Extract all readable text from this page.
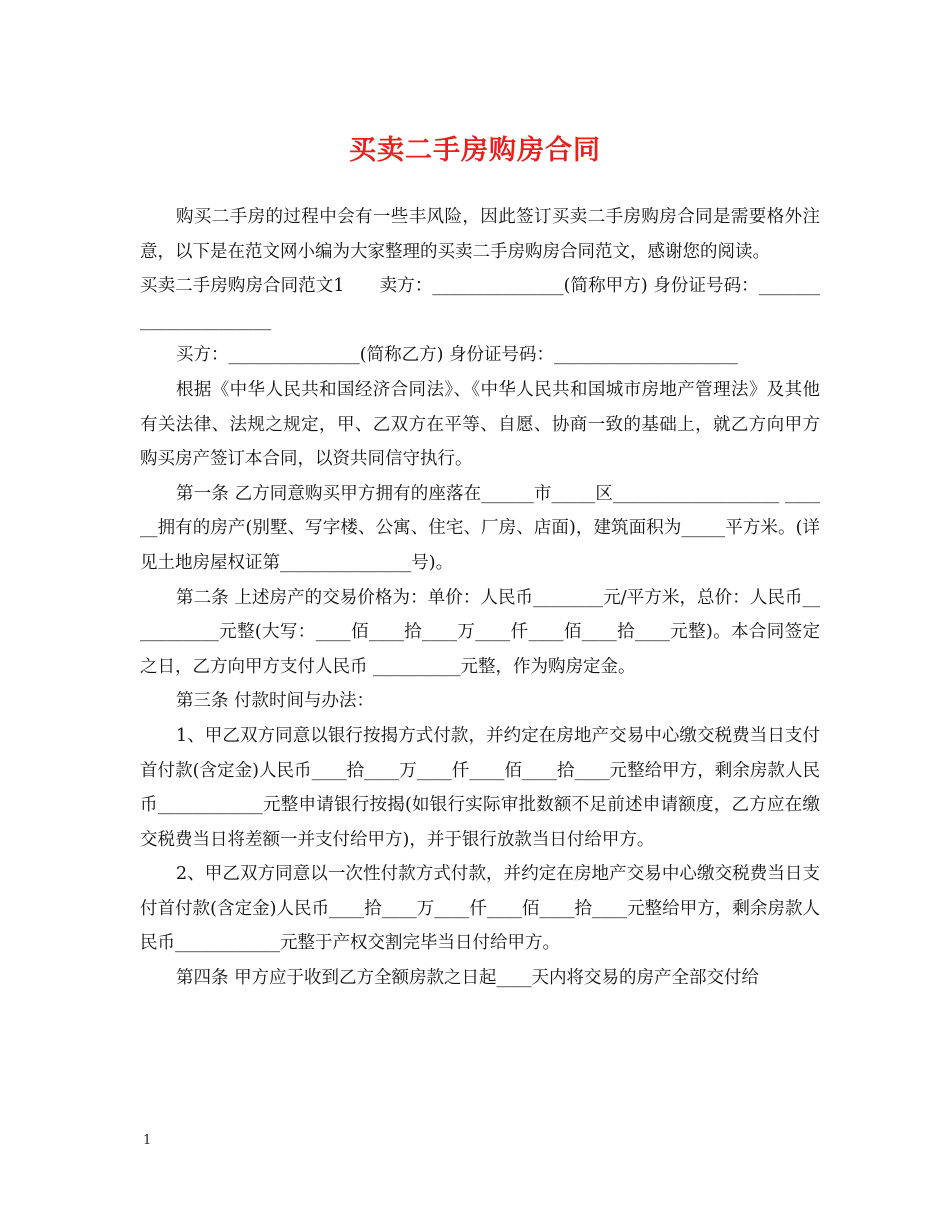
买卖二手房购房合同

购买二手房的过程中会有一些丰风险，因此签订买卖二手房购房合同是需要格外注意，以下是在范文网小编为大家整理的买卖二手房购房合同范文，感谢您的阅读。

买卖二手房购房合同范文1　　卖方：_______________(简称甲方) 身份证号码：______________________

买方：_______________(简称乙方) 身份证号码：_____________________

根据《中华人民共和国经济合同法》、《中华人民共和国城市房地产管理法》及其他有关法律、法规之规定，甲、乙双方在平等、自愿、协商一致的基础上，就乙方向甲方购买房产签订本合同，以资共同信守执行。

第一条 乙方同意购买甲方拥有的座落在______市_____区___________________ ______拥有的房产(别墅、写字楼、公寓、住宅、厂房、店面)，建筑面积为_____平方米。(详见土地房屋权证第_______________号)。

第二条 上述房产的交易价格为：单价：人民币________元/平方米，总价：人民币___________元整(大写：____佰____拾____万____仟____佰____拾____元整)。本合同签定之日，乙方向甲方支付人民币 __________元整，作为购房定金。

第三条 付款时间与办法：

1、甲乙双方同意以银行按揭方式付款，并约定在房地产交易中心缴交税费当日支付首付款(含定金)人民币____拾____万____仟____佰____拾____元整给甲方，剩余房款人民币____________元整申请银行按揭(如银行实际审批数额不足前述申请额度，乙方应在缴交税费当日将差额一并支付给甲方)，并于银行放款当日付给甲方。

2、甲乙双方同意以一次性付款方式付款，并约定在房地产交易中心缴交税费当日支付首付款(含定金)人民币____拾____万____仟____佰____拾____元整给甲方，剩余房款人民币____________元整于产权交割完毕当日付给甲方。

第四条 甲方应于收到乙方全额房款之日起____天内将交易的房产全部交付给

1
